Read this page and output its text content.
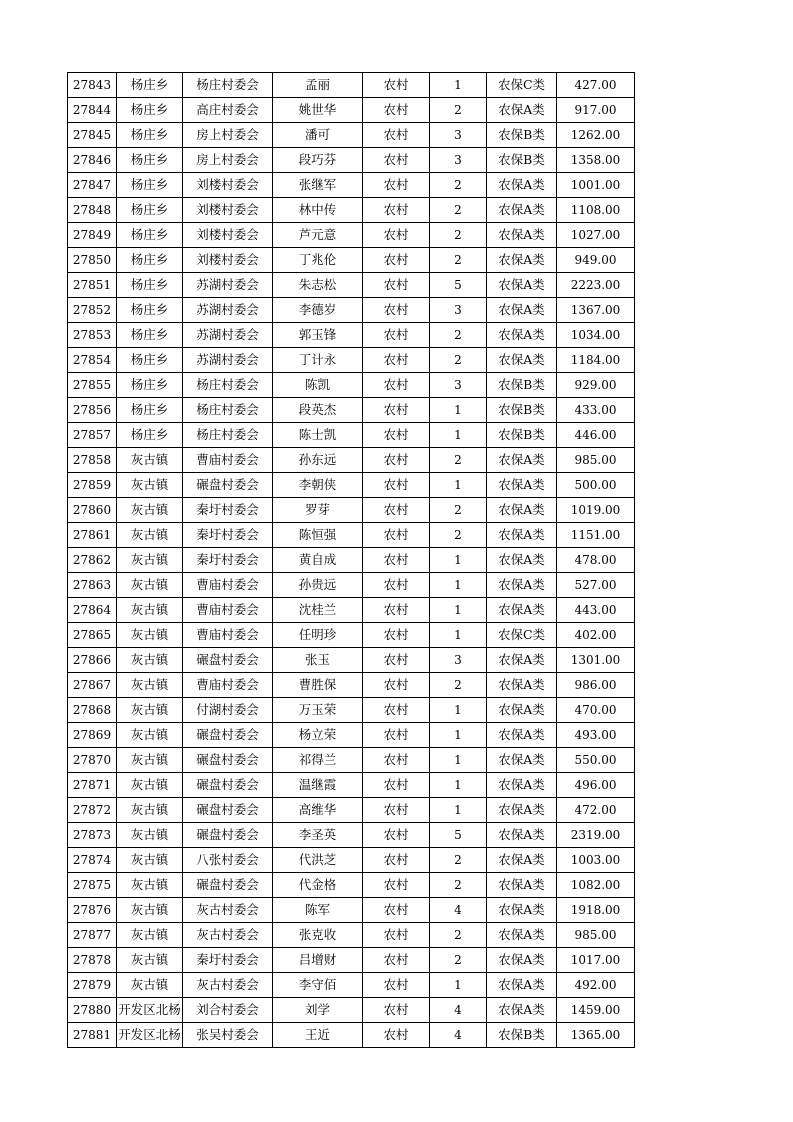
27843	杨庄乡	杨庄村委会	孟丽	农村	1	农保C类	427.00
27844	杨庄乡	高庄村委会	姚世华	农村	2	农保A类	917.00
27845	杨庄乡	房上村委会	潘可	农村	3	农保B类	1262.00
27846	杨庄乡	房上村委会	段巧芬	农村	3	农保B类	1358.00
27847	杨庄乡	刘楼村委会	张继军	农村	2	农保A类	1001.00
27848	杨庄乡	刘楼村委会	林中传	农村	2	农保A类	1108.00
27849	杨庄乡	刘楼村委会	芦元意	农村	2	农保A类	1027.00
27850	杨庄乡	刘楼村委会	丁兆伦	农村	2	农保A类	949.00
27851	杨庄乡	苏湖村委会	朱志松	农村	5	农保A类	2223.00
27852	杨庄乡	苏湖村委会	李德岁	农村	3	农保A类	1367.00
27853	杨庄乡	苏湖村委会	郭玉锋	农村	2	农保A类	1034.00
27854	杨庄乡	苏湖村委会	丁计永	农村	2	农保A类	1184.00
27855	杨庄乡	杨庄村委会	陈凯	农村	3	农保B类	929.00
27856	杨庄乡	杨庄村委会	段英杰	农村	1	农保B类	433.00
27857	杨庄乡	杨庄村委会	陈士凯	农村	1	农保B类	446.00
27858	灰古镇	曹庙村委会	孙东远	农村	2	农保A类	985.00
27859	灰古镇	碾盘村委会	李朝侠	农村	1	农保A类	500.00
27860	灰古镇	秦圩村委会	罗芽	农村	2	农保A类	1019.00
27861	灰古镇	秦圩村委会	陈恒强	农村	2	农保A类	1151.00
27862	灰古镇	秦圩村委会	黄自成	农村	1	农保A类	478.00
27863	灰古镇	曹庙村委会	孙贵远	农村	1	农保A类	527.00
27864	灰古镇	曹庙村委会	沈桂兰	农村	1	农保A类	443.00
27865	灰古镇	曹庙村委会	任明珍	农村	1	农保C类	402.00
27866	灰古镇	碾盘村委会	张玉	农村	3	农保A类	1301.00
27867	灰古镇	曹庙村委会	曹胜保	农村	2	农保A类	986.00
27868	灰古镇	付湖村委会	万玉荣	农村	1	农保A类	470.00
27869	灰古镇	碾盘村委会	杨立荣	农村	1	农保A类	493.00
27870	灰古镇	碾盘村委会	祁得兰	农村	1	农保A类	550.00
27871	灰古镇	碾盘村委会	温继霞	农村	1	农保A类	496.00
27872	灰古镇	碾盘村委会	高维华	农村	1	农保A类	472.00
27873	灰古镇	碾盘村委会	李圣英	农村	5	农保A类	2319.00
27874	灰古镇	八张村委会	代洪芝	农村	2	农保A类	1003.00
27875	灰古镇	碾盘村委会	代金格	农村	2	农保A类	1082.00
27876	灰古镇	灰古村委会	陈军	农村	4	农保A类	1918.00
27877	灰古镇	灰古村委会	张克收	农村	2	农保A类	985.00
27878	灰古镇	秦圩村委会	吕增财	农村	2	农保A类	1017.00
27879	灰古镇	灰古村委会	李守佰	农村	1	农保A类	492.00
27880	开发区北杨	刘合村委会	刘学	农村	4	农保A类	1459.00
27881	开发区北杨	张吴村委会	王近	农村	4	农保B类	1365.00
